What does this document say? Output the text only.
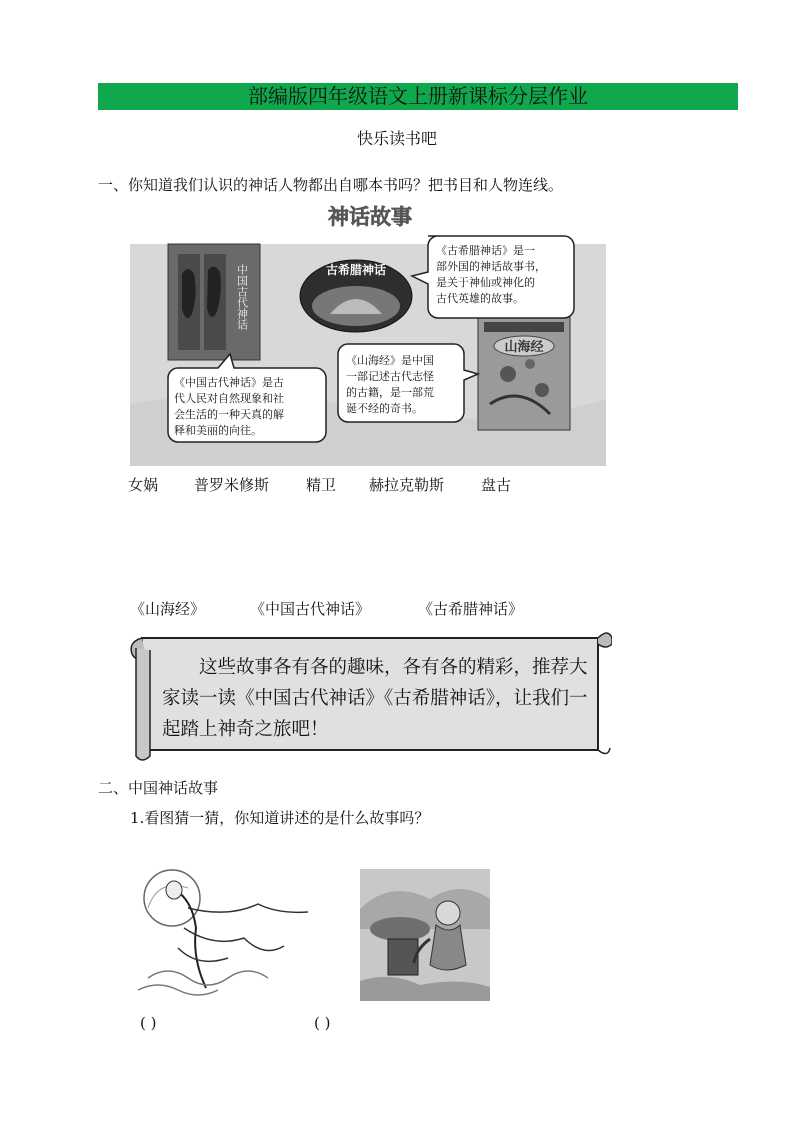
部编版四年级语文上册新课标分层作业
快乐读书吧
一、你知道我们认识的神话人物都出自哪本书吗？把书目和人物连线。
神话故事
中国古代神话	古希腊神话
山海经
《古希腊神话》是一 部外国的神话故事书， 是关于神仙或神化的 古代英雄的故事。
《山海经》是中国 一部记述古代志怪 的古籍，是一部荒 诞不经的奇书。
《中国古代神话》是古 代人民对自然现象和社 会生活的一种天真的解 释和美丽的向往。
女娲 普罗米修斯 精卫 赫拉克勒斯 盘古
《山海经》	《中国古代神话》	《古希腊神话》
这些故事各有各的趣味，各有各的精彩，推荐大家读一读《中国古代神话》《古希腊神话》，让我们一起踏上神奇之旅吧！
二、中国神话故事
1.看图猜一猜，你知道讲述的是什么故事吗？
( )	( )
